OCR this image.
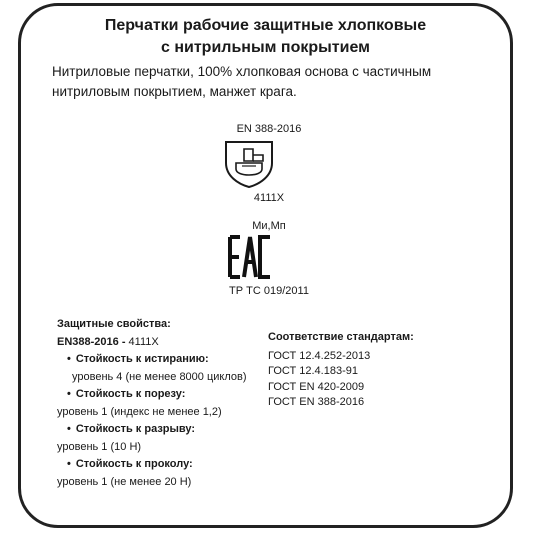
Перчатки рабочие защитные хлопковые
с нитрильным покрытием
Нитриловые перчатки, 100% хлопковая основа с частичным нитриловым покрытием, манжет крага.
EN 388-2016
4111X
Ми,Мп
ТР ТС 019/2011
Защитные свойства:
EN388-2016 - 4111X
• Стойкость к истиранию:
уровень 4 (не менее 8000 циклов)
• Стойкость к порезу:
уровень 1 (индекс не менее 1,2)
• Стойкость к разрыву:
уровень 1 (10 Н)
• Стойкость к проколу:
уровень 1 (не менее 20 Н)
Соответствие стандартам:
ГОСТ 12.4.252-2013
ГОСТ 12.4.183-91
ГОСТ EN 420-2009
ГОСТ EN 388-2016
